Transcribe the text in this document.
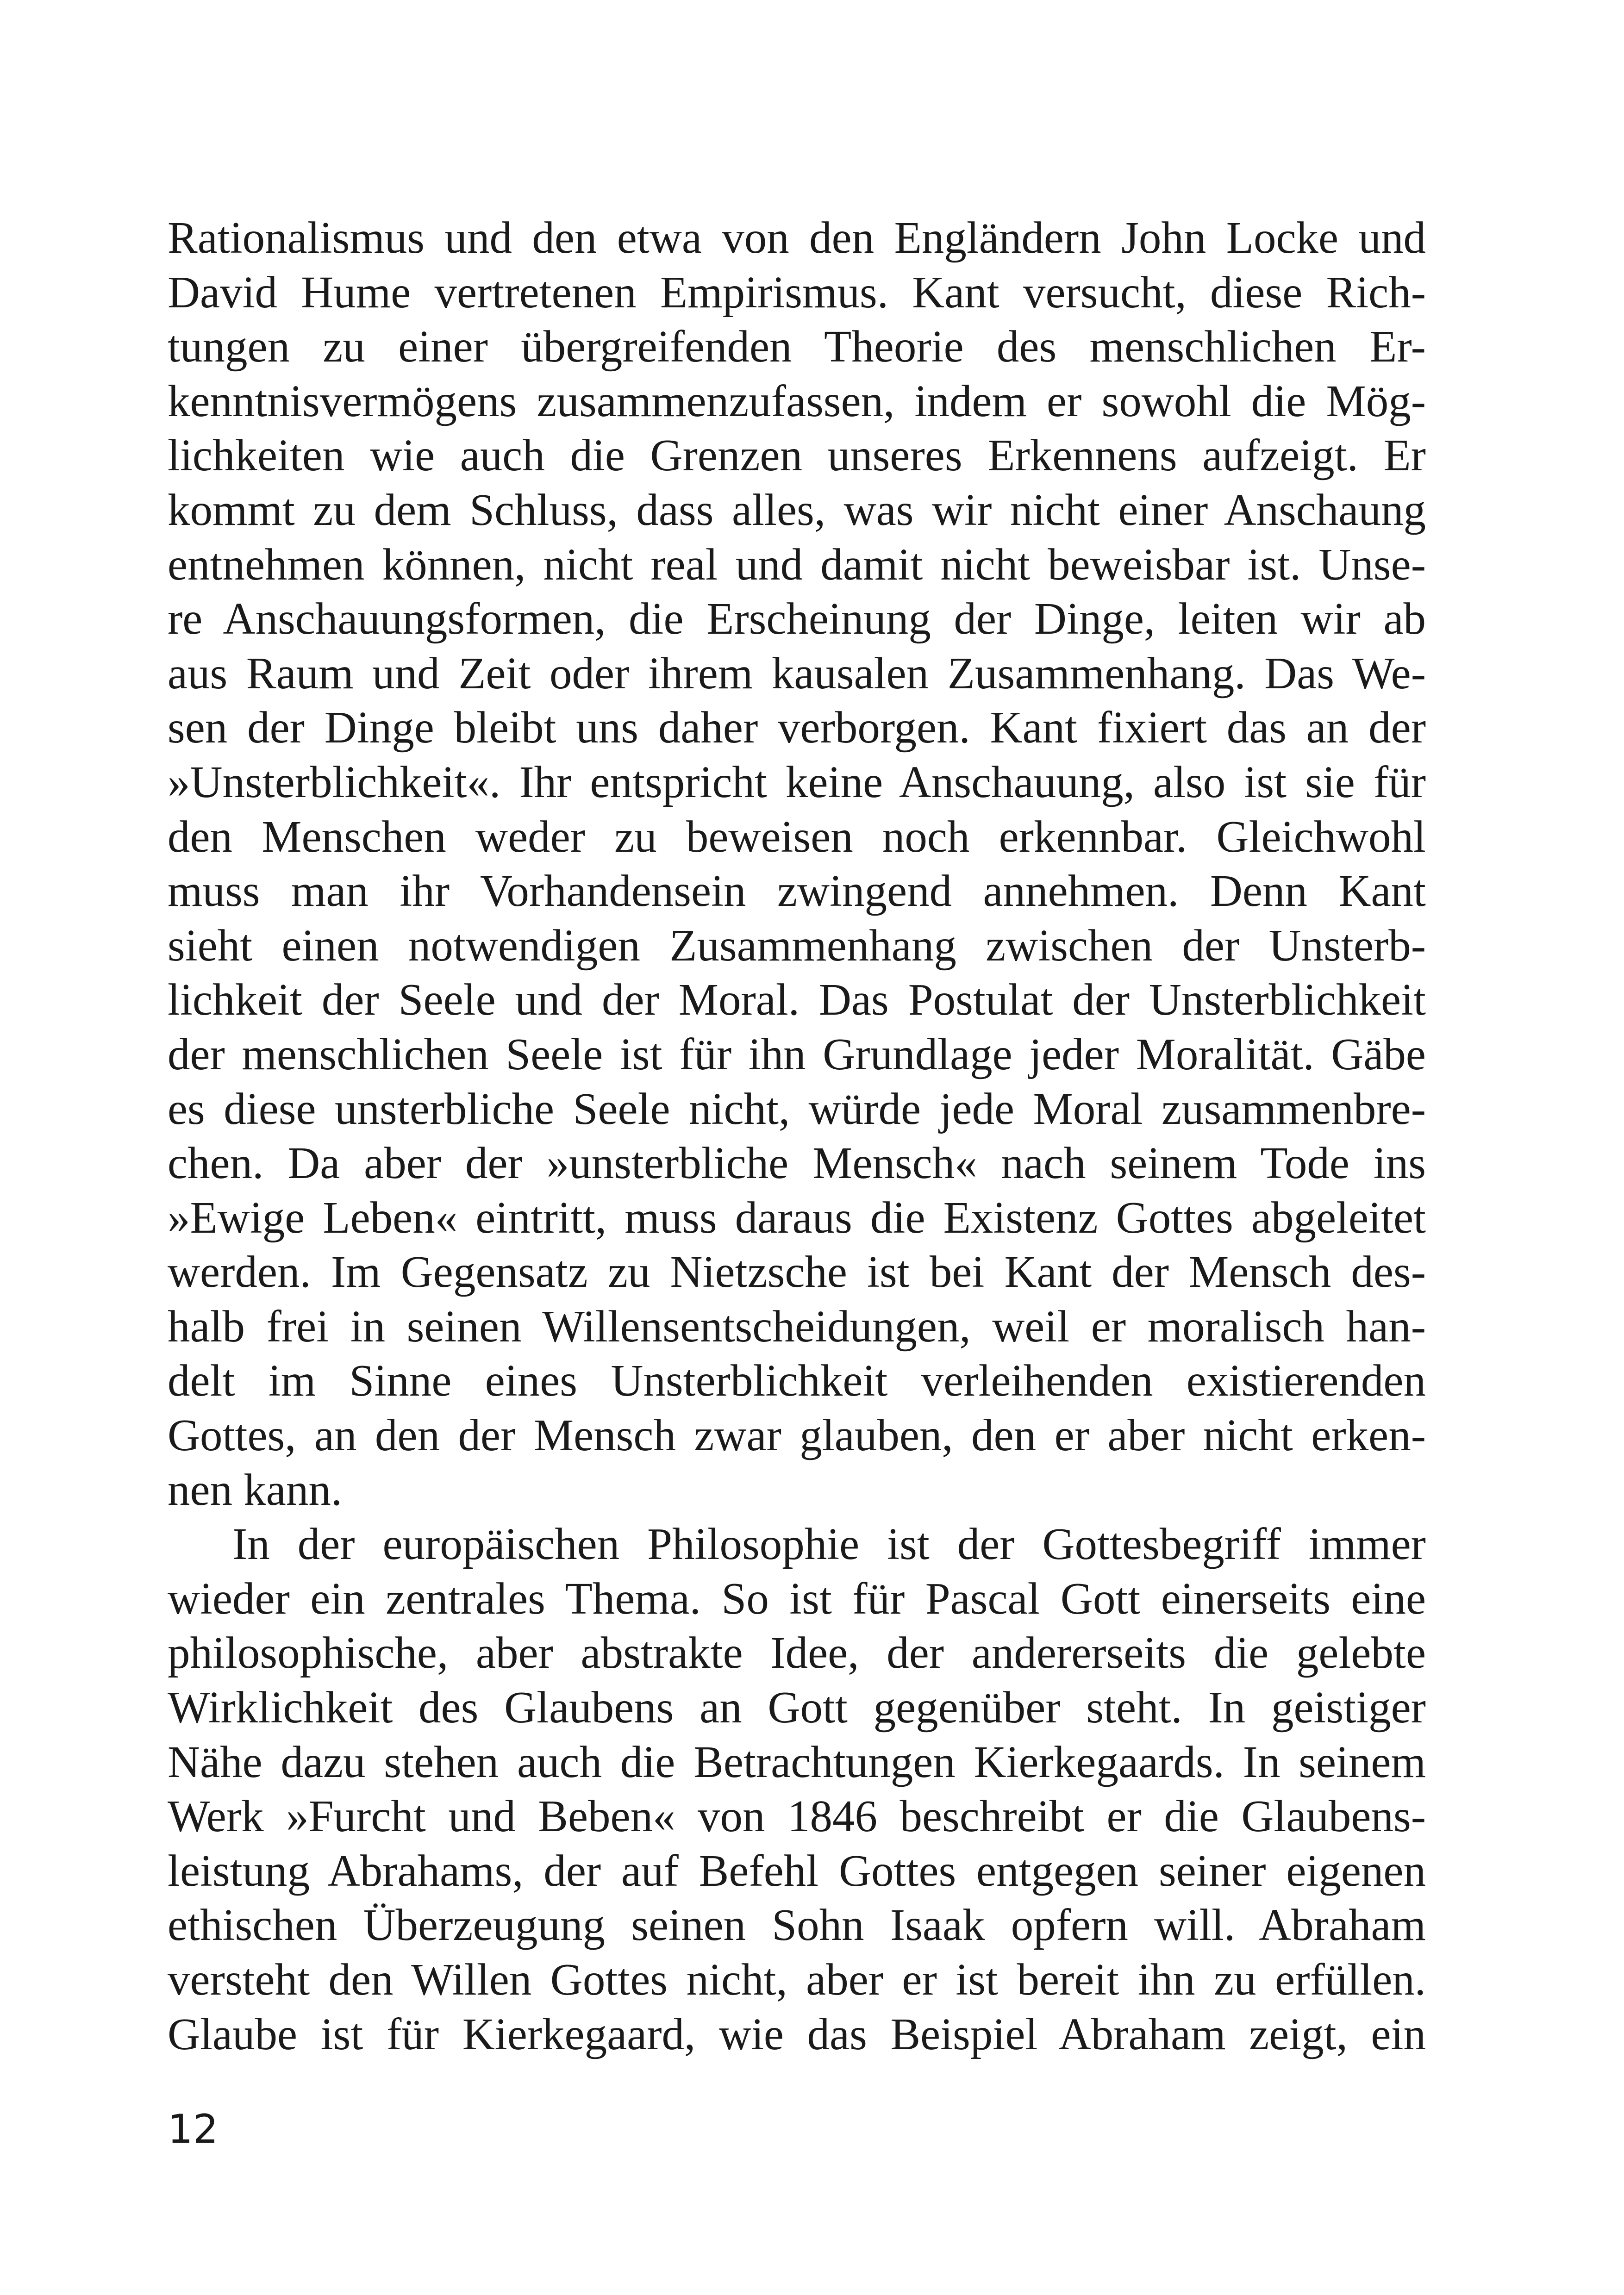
Rationalismus und den etwa von den Engländern John Locke und
David Hume vertretenen Empirismus. Kant versucht, diese Rich-
tungen zu einer übergreifenden Theorie des menschlichen Er-
kenntnisvermögens zusammenzufassen, indem er sowohl die Mög-
lichkeiten wie auch die Grenzen unseres Erkennens aufzeigt. Er
kommt zu dem Schluss, dass alles, was wir nicht einer Anschaung
entnehmen können, nicht real und damit nicht beweisbar ist. Unse-
re Anschauungsformen, die Erscheinung der Dinge, leiten wir ab
aus Raum und Zeit oder ihrem kausalen Zusammenhang. Das We-
sen der Dinge bleibt uns daher verborgen. Kant fixiert das an der
»Unsterblichkeit«. Ihr entspricht keine Anschauung, also ist sie für
den Menschen weder zu beweisen noch erkennbar. Gleichwohl
muss man ihr Vorhandensein zwingend annehmen. Denn Kant
sieht einen notwendigen Zusammenhang zwischen der Unsterb-
lichkeit der Seele und der Moral. Das Postulat der Unsterblichkeit
der menschlichen Seele ist für ihn Grundlage jeder Moralität. Gäbe
es diese unsterbliche Seele nicht, würde jede Moral zusammenbre-
chen. Da aber der »unsterbliche Mensch« nach seinem Tode ins
»Ewige Leben« eintritt, muss daraus die Existenz Gottes abgeleitet
werden. Im Gegensatz zu Nietzsche ist bei Kant der Mensch des-
halb frei in seinen Willensentscheidungen, weil er moralisch han-
delt im Sinne eines Unsterblichkeit verleihenden existierenden
Gottes, an den der Mensch zwar glauben, den er aber nicht erken-
nen kann.
In der europäischen Philosophie ist der Gottesbegriff immer
wieder ein zentrales Thema. So ist für Pascal Gott einerseits eine
philosophische, aber abstrakte Idee, der andererseits die gelebte
Wirklichkeit des Glaubens an Gott gegenüber steht. In geistiger
Nähe dazu stehen auch die Betrachtungen Kierkegaards. In seinem
Werk »Furcht und Beben« von 1846 beschreibt er die Glaubens-
leistung Abrahams, der auf Befehl Gottes entgegen seiner eigenen
ethischen Überzeugung seinen Sohn Isaak opfern will. Abraham
versteht den Willen Gottes nicht, aber er ist bereit ihn zu erfüllen.
Glaube ist für Kierkegaard, wie das Beispiel Abraham zeigt, ein
12
